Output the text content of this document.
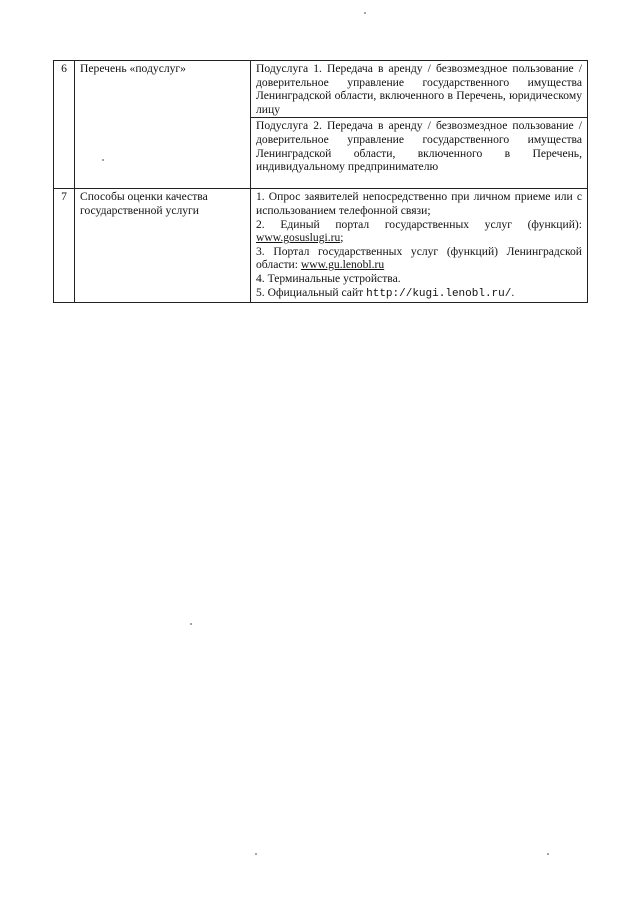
6	Перечень «подуслуг»	Подуслуга 1. Передача в аренду / безвозмездное пользование / доверительное управление государственного имущества Ленинградской области, включенного в Перечень, юридическому лицу
		Подуслуга 2. Передача в аренду / безвозмездное пользование / доверительное управление государственного имущества Ленинградской области, включенного в Перечень, индивидуальному предпринимателю
7	Способы оценки качества государственной услуги	1. Опрос заявителей непосредственно при личном приеме или с использованием телефонной связи;
2. Единый портал государственных услуг (функций): www.gosuslugi.ru;
3. Портал государственных услуг (функций) Ленинградской области: www.gu.lenobl.ru
4. Терминальные устройства.
5. Официальный сайт http://kugi.lenobl.ru/.
